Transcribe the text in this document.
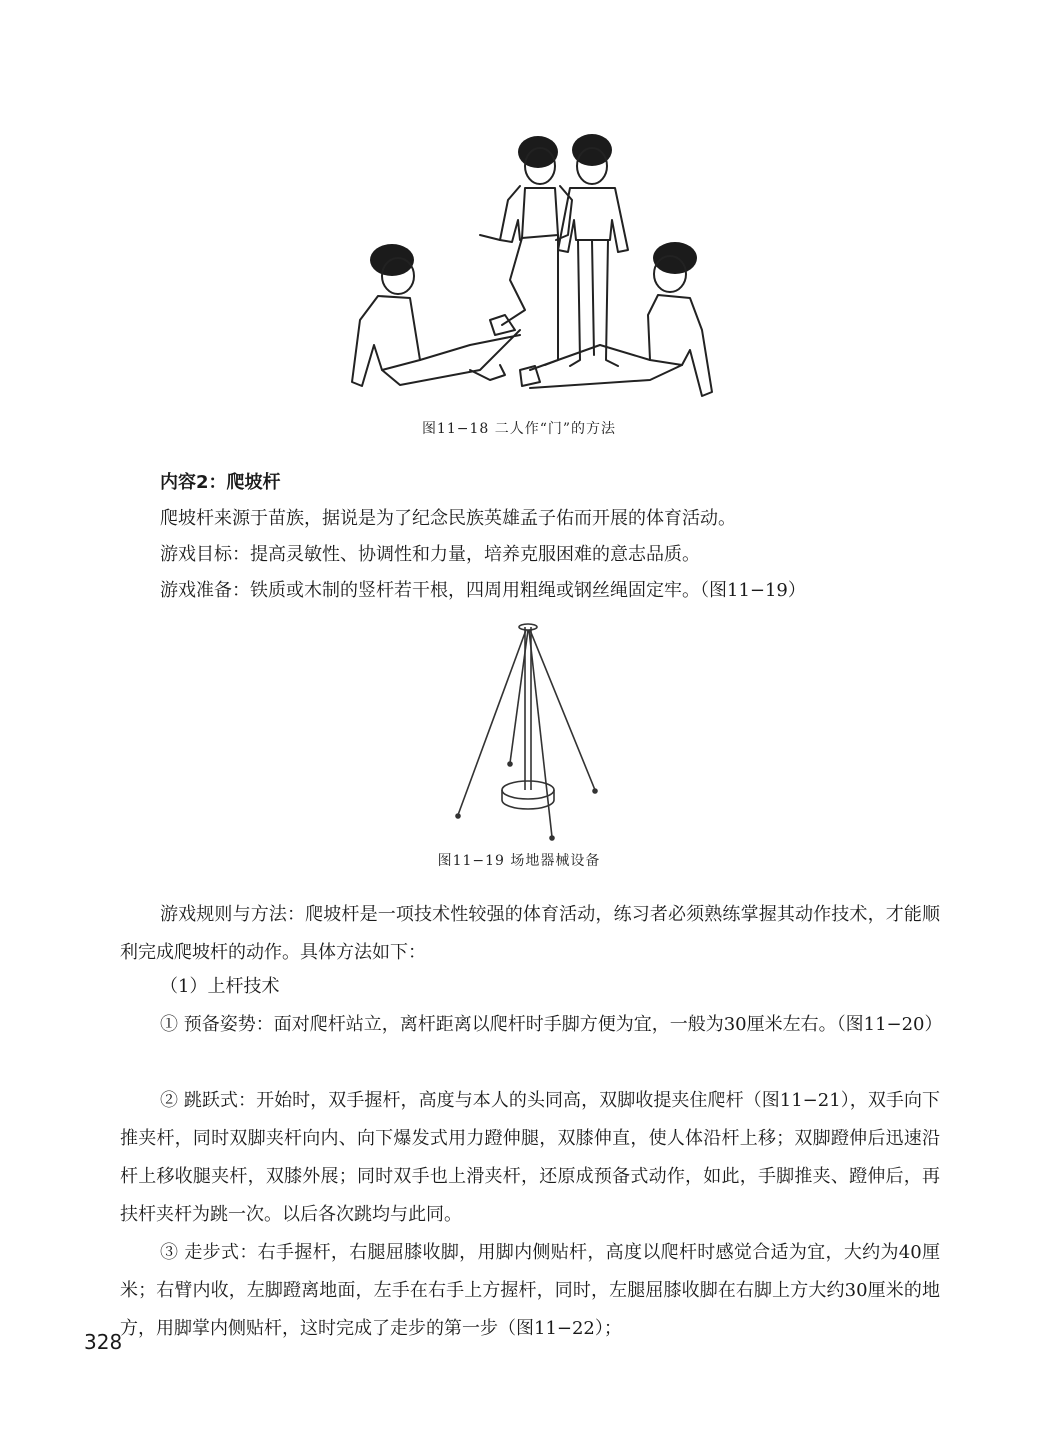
图11−18 二人作“门”的方法
内容2：爬坡杆
爬坡杆来源于苗族，据说是为了纪念民族英雄孟子佑而开展的体育活动。
游戏目标：提高灵敏性、协调性和力量，培养克服困难的意志品质。
游戏准备：铁质或木制的竖杆若干根，四周用粗绳或钢丝绳固定牢。（图11−19）
图11−19 场地器械设备
游戏规则与方法：爬坡杆是一项技术性较强的体育活动，练习者必须熟练掌握其动作技术，才能顺利完成爬坡杆的动作。具体方法如下：
（1）上杆技术
① 预备姿势：面对爬杆站立，离杆距离以爬杆时手脚方便为宜，一般为30厘米左右。（图11−20）
② 跳跃式：开始时，双手握杆，高度与本人的头同高，双脚收提夹住爬杆（图11−21），双手向下推夹杆，同时双脚夹杆向内、向下爆发式用力蹬伸腿，双膝伸直，使人体沿杆上移；双脚蹬伸后迅速沿杆上移收腿夹杆，双膝外展；同时双手也上滑夹杆，还原成预备式动作，如此，手脚推夹、蹬伸后，再扶杆夹杆为跳一次。以后各次跳均与此同。
③ 走步式：右手握杆，右腿屈膝收脚，用脚内侧贴杆，高度以爬杆时感觉合适为宜，大约为40厘米；右臂内收，左脚蹬离地面，左手在右手上方握杆，同时，左腿屈膝收脚在右脚上方大约30厘米的地方，用脚掌内侧贴杆，这时完成了走步的第一步（图11−22）；
328
